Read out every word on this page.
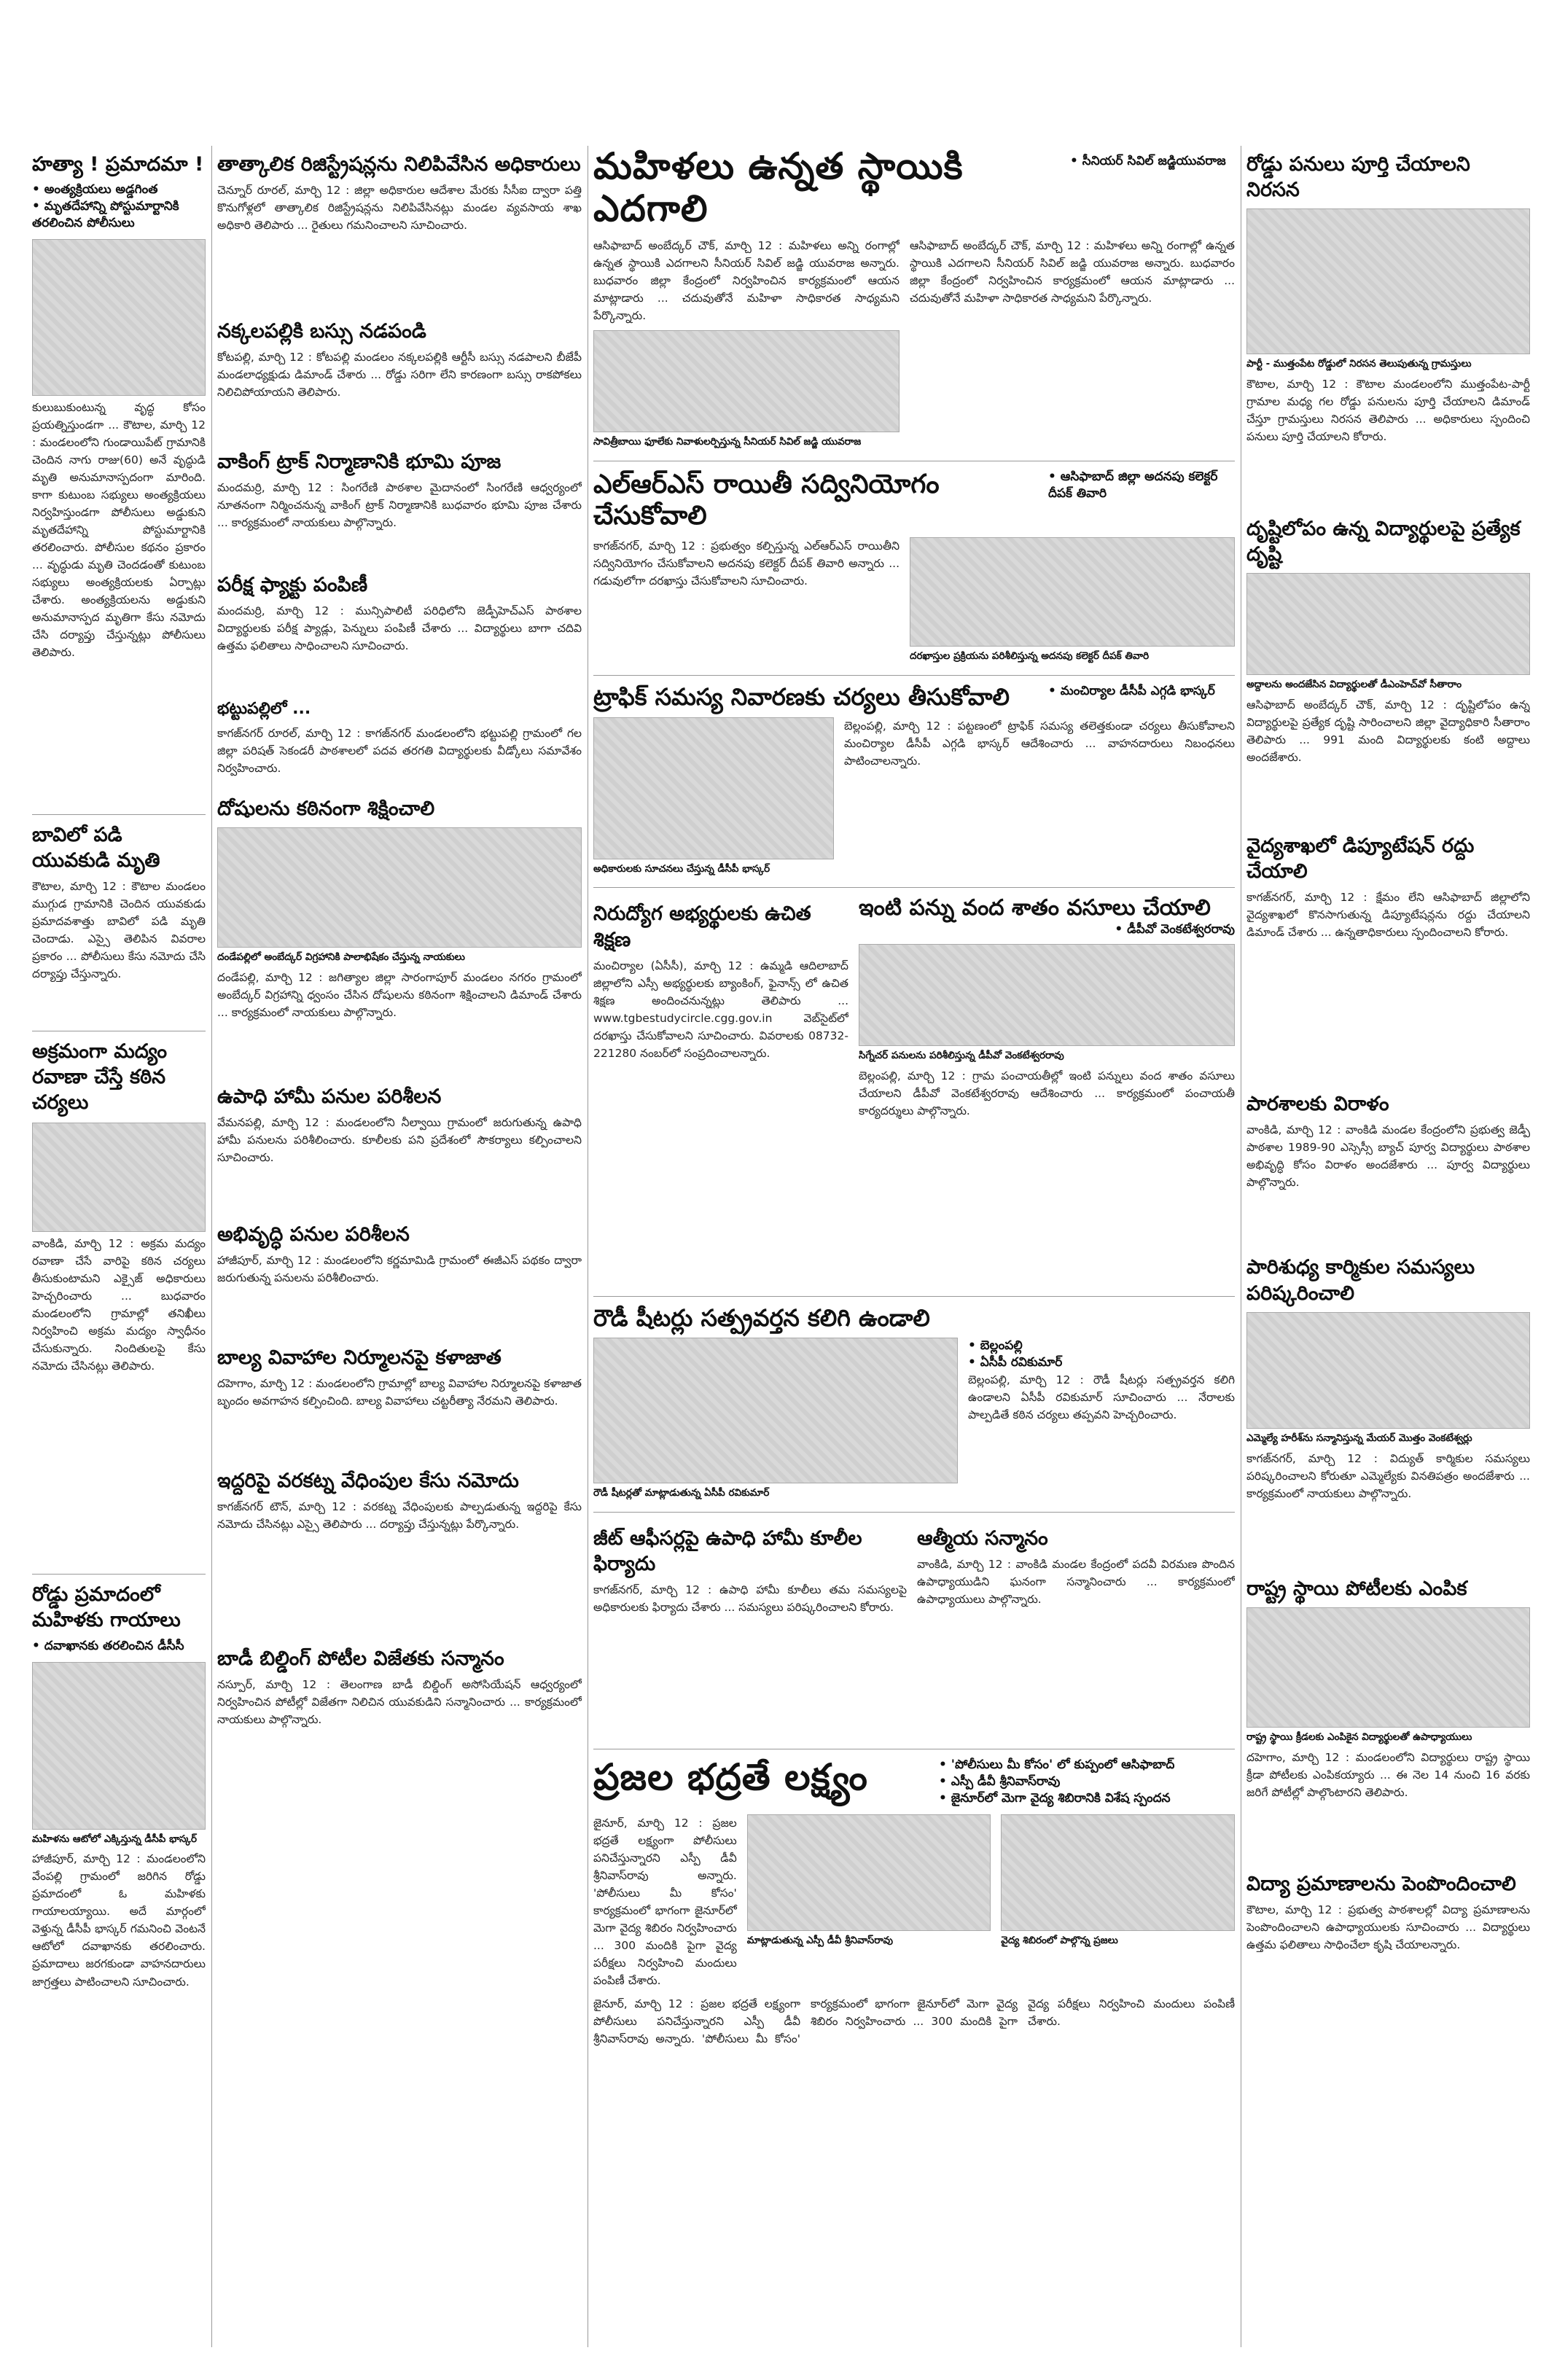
హత్యా ! ప్రమాదమా !
• అంత్యక్రియలు అడ్డగింత
• మృతదేహాన్ని పోస్టుమార్టానికి తరలించిన పోలీసులు
కులుబుకుంటున్న వృద్ధ కోసం ప్రయత్నిస్తుండగా ... కౌటాల, మార్చి 12 : మండలంలోని గుండాయిపేట్ గ్రామానికి చెందిన నాగు రాజు(60) అనే వృద్ధుడి మృతి అనుమానాస్పదంగా మారింది. కాగా కుటుంబ సభ్యులు అంత్యక్రియలు నిర్వహిస్తుండగా పోలీసులు అడ్డుకుని మృతదేహాన్ని పోస్టుమార్టానికి తరలించారు. పోలీసుల కథనం ప్రకారం ... వృద్ధుడు మృతి చెందడంతో కుటుంబ సభ్యులు అంత్యక్రియలకు ఏర్పాట్లు చేశారు. అంత్యక్రియలను అడ్డుకుని అనుమానాస్పద మృతిగా కేసు నమోదు చేసి దర్యాప్తు చేస్తున్నట్లు పోలీసులు తెలిపారు.
బావిలో పడి యువకుడి మృతి
కౌటాల, మార్చి 12 : కౌటాల మండలం ముగ్గుడ గ్రామానికి చెందిన యువకుడు ప్రమాదవశాత్తు బావిలో పడి మృతి చెందాడు. ఎస్సై తెలిపిన వివరాల ప్రకారం ... పోలీసులు కేసు నమోదు చేసి దర్యాప్తు చేస్తున్నారు.
అక్రమంగా మద్యం రవాణా చేస్తే కఠిన చర్యలు
వాంకిడి, మార్చి 12 : అక్రమ మద్యం రవాణా చేసే వారిపై కఠిన చర్యలు తీసుకుంటామని ఎక్సైజ్ అధికారులు హెచ్చరించారు ... బుధవారం మండలంలోని గ్రామాల్లో తనిఖీలు నిర్వహించి అక్రమ మద్యం స్వాధీనం చేసుకున్నారు. నిందితులపై కేసు నమోదు చేసినట్లు తెలిపారు.
రోడ్డు ప్రమాదంలో మహిళకు గాయాలు
• దవాఖానకు తరలించిన డీసీసీ
మహిళను ఆటోలో ఎక్కిస్తున్న డీసీపీ భాస్కర్
హాజీపూర్, మార్చి 12 : మండలంలోని వేంపల్లి గ్రామంలో జరిగిన రోడ్డు ప్రమాదంలో ఓ మహిళకు గాయాలయ్యాయి. అదే మార్గంలో వెళ్తున్న డీసీపీ భాస్కర్ గమనించి వెంటనే ఆటోలో దవాఖానకు తరలించారు. ప్రమాదాలు జరగకుండా వాహనదారులు జాగ్రత్తలు పాటించాలని సూచించారు.
తాత్కాలిక రిజిస్ట్రేషన్లను నిలిపివేసిన అధికారులు
చెన్నూర్ రూరల్, మార్చి 12 : జిల్లా అధికారుల ఆదేశాల మేరకు సీసీఐ ద్వారా పత్తి కొనుగోళ్లలో తాత్కాలిక రిజిస్ట్రేషన్లను నిలిపివేసినట్లు మండల వ్యవసాయ శాఖ అధికారి తెలిపారు ... రైతులు గమనించాలని సూచించారు.
నక్కలపల్లికి బస్సు నడపండి
కోటపల్లి, మార్చి 12 : కోటపల్లి మండలం నక్కలపల్లికి ఆర్టీసీ బస్సు నడపాలని బీజేపీ మండలాధ్యక్షుడు డిమాండ్ చేశారు ... రోడ్డు సరిగా లేని కారణంగా బస్సు రాకపోకలు నిలిచిపోయాయని తెలిపారు.
వాకింగ్ ట్రాక్ నిర్మాణానికి భూమి పూజ
మందమర్రి, మార్చి 12 : సింగరేణి పాఠశాల మైదానంలో సింగరేణి ఆధ్వర్యంలో నూతనంగా నిర్మించనున్న వాకింగ్ ట్రాక్ నిర్మాణానికి బుధవారం భూమి పూజ చేశారు ... కార్యక్రమంలో నాయకులు పాల్గొన్నారు.
పరీక్ష ఫ్యాక్టు పంపిణీ
మందమర్రి, మార్చి 12 : మున్సిపాలిటీ పరిధిలోని జెడ్పీహెచ్ఎస్ పాఠశాల విద్యార్థులకు పరీక్ష ప్యాడ్లు, పెన్నులు పంపిణీ చేశారు ... విద్యార్థులు బాగా చదివి ఉత్తమ ఫలితాలు సాధించాలని సూచించారు.
భట్టుపల్లిలో ...
కాగజ్‌నగర్ రూరల్, మార్చి 12 : కాగజ్‌నగర్ మండలంలోని భట్టుపల్లి గ్రామంలో గల జిల్లా పరిషత్ సెకండరీ పాఠశాలలో పదవ తరగతి విద్యార్థులకు వీడ్కోలు సమావేశం నిర్వహించారు.
దోషులను కఠినంగా శిక్షించాలి
దండేపల్లిలో అంబేద్కర్ విగ్రహానికి పాలాభిషేకం చేస్తున్న నాయకులు
దండేపల్లి, మార్చి 12 : జగిత్యాల జిల్లా సారంగాపూర్ మండలం నగరం గ్రామంలో అంబేద్కర్ విగ్రహాన్ని ధ్వంసం చేసిన దోషులను కఠినంగా శిక్షించాలని డిమాండ్ చేశారు ... కార్యక్రమంలో నాయకులు పాల్గొన్నారు.
ఉపాధి హామీ పనుల పరిశీలన
వేమనపల్లి, మార్చి 12 : మండలంలోని నీల్వాయి గ్రామంలో జరుగుతున్న ఉపాధి హామీ పనులను పరిశీలించారు. కూలీలకు పని ప్రదేశంలో సౌకర్యాలు కల్పించాలని సూచించారు.
అభివృద్ధి పనుల పరిశీలన
హాజీపూర్, మార్చి 12 : మండలంలోని కర్ణమామిడి గ్రామంలో ఈజీఎస్ పథకం ద్వారా జరుగుతున్న పనులను పరిశీలించారు.
బాల్య వివాహాల నిర్మూలనపై కళాజాత
దహెగాం, మార్చి 12 : మండలంలోని గ్రామాల్లో బాల్య వివాహాల నిర్మూలనపై కళాజాత బృందం అవగాహన కల్పించింది. బాల్య వివాహాలు చట్టరీత్యా నేరమని తెలిపారు.
ఇద్దరిపై వరకట్న వేధింపుల కేసు నమోదు
కాగజ్‌నగర్ టౌన్, మార్చి 12 : వరకట్న వేధింపులకు పాల్పడుతున్న ఇద్దరిపై కేసు నమోదు చేసినట్లు ఎస్సై తెలిపారు ... దర్యాప్తు చేస్తున్నట్లు పేర్కొన్నారు.
బాడీ బిల్డింగ్ పోటీల విజేతకు సన్మానం
నస్పూర్, మార్చి 12 : తెలంగాణ బాడీ బిల్డింగ్ అసోసియేషన్ ఆధ్వర్యంలో నిర్వహించిన పోటీల్లో విజేతగా నిలిచిన యువకుడిని సన్మానించారు ... కార్యక్రమంలో నాయకులు పాల్గొన్నారు.
మహిళలు ఉన్నత స్థాయికి ఎదగాలి
• సీనియర్ సివిల్ జడ్జియువరాజ
ఆసిఫాబాద్ అంబేద్కర్ చౌక్, మార్చి 12 : మహిళలు అన్ని రంగాల్లో ఉన్నత స్థాయికి ఎదగాలని సీనియర్ సివిల్ జడ్జి యువరాజ అన్నారు. బుధవారం జిల్లా కేంద్రంలో నిర్వహించిన కార్యక్రమంలో ఆయన మాట్లాడారు ... చదువుతోనే మహిళా సాధికారత సాధ్యమని పేర్కొన్నారు.
సావిత్రీబాయి ఫూలేకు నివాళులర్పిస్తున్న సీనియర్ సివిల్ జడ్జి యువరాజ
ఆసిఫాబాద్ అంబేద్కర్ చౌక్, మార్చి 12 : మహిళలు అన్ని రంగాల్లో ఉన్నత స్థాయికి ఎదగాలని సీనియర్ సివిల్ జడ్జి యువరాజ అన్నారు. బుధవారం జిల్లా కేంద్రంలో నిర్వహించిన కార్యక్రమంలో ఆయన మాట్లాడారు ... చదువుతోనే మహిళా సాధికారత సాధ్యమని పేర్కొన్నారు.
ఎల్‌ఆర్‌ఎస్ రాయితీ సద్వినియోగం చేసుకోవాలి
• ఆసిఫాబాద్ జిల్లా అదనపు కలెక్టర్ దీపక్ తివారి
కాగజ్‌నగర్, మార్చి 12 : ప్రభుత్వం కల్పిస్తున్న ఎల్‌ఆర్‌ఎస్ రాయితీని సద్వినియోగం చేసుకోవాలని అదనపు కలెక్టర్ దీపక్ తివారి అన్నారు ... గడువులోగా దరఖాస్తు చేసుకోవాలని సూచించారు.
దరఖాస్తుల ప్రక్రియను పరిశీలిస్తున్న అదనపు కలెక్టర్ దీపక్ తివారి
ట్రాఫిక్ సమస్య నివారణకు చర్యలు తీసుకోవాలి	• మంచిర్యాల డీసీపీ ఎగ్గడి భాస్కర్
అధికారులకు సూచనలు చేస్తున్న డీసీపీ భాస్కర్
బెల్లంపల్లి, మార్చి 12 : పట్టణంలో ట్రాఫిక్ సమస్య తలెత్తకుండా చర్యలు తీసుకోవాలని మంచిర్యాల డీసీపీ ఎగ్గడి భాస్కర్ ఆదేశించారు ... వాహనదారులు నిబంధనలు పాటించాలన్నారు.
నిరుద్యోగ అభ్యర్థులకు ఉచిత శిక్షణ
మంచిర్యాల (ఏసీసీ), మార్చి 12 : ఉమ్మడి ఆదిలాబాద్ జిల్లాలోని ఎస్సీ అభ్యర్థులకు బ్యాంకింగ్, ఫైనాన్స్ లో ఉచిత శిక్షణ అందించనున్నట్లు తెలిపారు ... www.tgbestudycircle.cgg.gov.in వెబ్‌సైట్‌లో దరఖాస్తు చేసుకోవాలని సూచించారు. వివరాలకు 08732-221280 నంబర్‌లో సంప్రదించాలన్నారు.
ఇంటి పన్ను వంద శాతం వసూలు చేయాలి
• డీపీవో వెంకటేశ్వరరావు
సిగ్నేచర్ పనులను పరిశీలిస్తున్న డీపీవో వెంకటేశ్వరరావు
బెల్లంపల్లి, మార్చి 12 : గ్రామ పంచాయతీల్లో ఇంటి పన్నులు వంద శాతం వసూలు చేయాలని డీపీవో వెంకటేశ్వరరావు ఆదేశించారు ... కార్యక్రమంలో పంచాయతీ కార్యదర్శులు పాల్గొన్నారు.
రౌడీ షీటర్లు సత్ప్రవర్తన కలిగి ఉండాలి
రౌడీ షీటర్లతో మాట్లాడుతున్న ఏసీపీ రవికుమార్
• బెల్లంపల్లి
• ఏసీపీ రవికుమార్
బెల్లంపల్లి, మార్చి 12 : రౌడీ షీటర్లు సత్ప్రవర్తన కలిగి ఉండాలని ఏసీపీ రవికుమార్ సూచించారు ... నేరాలకు పాల్పడితే కఠిన చర్యలు తప్పవని హెచ్చరించారు.
జీట్ ఆఫీసర్లపై ఉపాధి హామీ కూలీల ఫిర్యాదు
కాగజ్‌నగర్, మార్చి 12 : ఉపాధి హామీ కూలీలు తమ సమస్యలపై అధికారులకు ఫిర్యాదు చేశారు ... సమస్యలు పరిష్కరించాలని కోరారు.
ఆత్మీయ సన్మానం
వాంకిడి, మార్చి 12 : వాంకిడి మండల కేంద్రంలో పదవీ విరమణ పొందిన ఉపాధ్యాయుడిని ఘనంగా సన్మానించారు ... కార్యక్రమంలో ఉపాధ్యాయులు పాల్గొన్నారు.
ప్రజల భద్రతే లక్ష్యం	• 'పోలీసులు మీ కోసం' లో కుప్పంలో ఆసిఫాబాద్
• ఎస్పీ డీవీ శ్రీనివాస్‌రావు
• జైనూర్‌లో మెగా వైద్య శిబిరానికి విశేష స్పందన
జైనూర్, మార్చి 12 : ప్రజల భద్రతే లక్ష్యంగా పోలీసులు పనిచేస్తున్నారని ఎస్పీ డీవీ శ్రీనివాస్‌రావు అన్నారు. 'పోలీసులు మీ కోసం' కార్యక్రమంలో భాగంగా జైనూర్‌లో మెగా వైద్య శిబిరం నిర్వహించారు ... 300 మందికి పైగా వైద్య పరీక్షలు నిర్వహించి మందులు పంపిణీ చేశారు.
మాట్లాడుతున్న ఎస్పీ డీవీ శ్రీనివాస్‌రావు	వైద్య శిబిరంలో పాల్గొన్న ప్రజలు
జైనూర్, మార్చి 12 : ప్రజల భద్రతే లక్ష్యంగా పోలీసులు పనిచేస్తున్నారని ఎస్పీ డీవీ శ్రీనివాస్‌రావు అన్నారు. 'పోలీసులు మీ కోసం' కార్యక్రమంలో భాగంగా జైనూర్‌లో మెగా వైద్య శిబిరం నిర్వహించారు ... 300 మందికి పైగా వైద్య పరీక్షలు నిర్వహించి మందులు పంపిణీ చేశారు.
రోడ్డు పనులు పూర్తి చేయాలని నిరసన
పార్టీ - ముత్తంపేట రోడ్డులో నిరసన తెలుపుతున్న గ్రామస్తులు
కౌటాల, మార్చి 12 : కౌటాల మండలంలోని ముత్తంపేట-పార్టీ గ్రామాల మధ్య గల రోడ్డు పనులను పూర్తి చేయాలని డిమాండ్ చేస్తూ గ్రామస్తులు నిరసన తెలిపారు ... అధికారులు స్పందించి పనులు పూర్తి చేయాలని కోరారు.
దృష్టిలోపం ఉన్న విద్యార్థులపై ప్రత్యేక దృష్టి
అద్దాలను అందజేసిన విద్యార్థులతో డీఎంహెచ్‌వో సీతారాం
ఆసిఫాబాద్ అంబేద్కర్ చౌక్, మార్చి 12 : దృష్టిలోపం ఉన్న విద్యార్థులపై ప్రత్యేక దృష్టి సారించాలని జిల్లా వైద్యాధికారి సీతారాం తెలిపారు ... 991 మంది విద్యార్థులకు కంటి అద్దాలు అందజేశారు.
వైద్యశాఖలో డిప్యూటేషన్ రద్దు చేయాలి
కాగజ్‌నగర్, మార్చి 12 : క్షేమం లేని ఆసిఫాబాద్ జిల్లాలోని వైద్యశాఖలో కొనసాగుతున్న డిప్యూటేషన్లను రద్దు చేయాలని డిమాండ్ చేశారు ... ఉన్నతాధికారులు స్పందించాలని కోరారు.
పారశాలకు విరాళం
వాంకిడి, మార్చి 12 : వాంకిడి మండల కేంద్రంలోని ప్రభుత్వ జెడ్పీ పాఠశాల 1989-90 ఎస్సెస్సీ బ్యాచ్ పూర్వ విద్యార్థులు పాఠశాల అభివృద్ధి కోసం విరాళం అందజేశారు ... పూర్వ విద్యార్థులు పాల్గొన్నారు.
పారిశుధ్య కార్మికుల సమస్యలు పరిష్కరించాలి
ఎమ్మెల్యే హరీశ్‌ను సన్మానిస్తున్న మేయర్ మొత్తం వెంకటేశ్వర్లు
కాగజ్‌నగర్, మార్చి 12 : విద్యుత్ కార్మికుల సమస్యలు పరిష్కరించాలని కోరుతూ ఎమ్మెల్యేకు వినతిపత్రం అందజేశారు ... కార్యక్రమంలో నాయకులు పాల్గొన్నారు.
రాష్ట్ర స్థాయి పోటీలకు ఎంపిక
రాష్ట్ర స్థాయి క్రీడలకు ఎంపికైన విద్యార్థులతో ఉపాధ్యాయులు
దహెగాం, మార్చి 12 : మండలంలోని విద్యార్థులు రాష్ట్ర స్థాయి క్రీడా పోటీలకు ఎంపికయ్యారు ... ఈ నెల 14 నుంచి 16 వరకు జరిగే పోటీల్లో పాల్గొంటారని తెలిపారు.
విద్యా ప్రమాణాలను పెంపొందించాలి
కౌటాల, మార్చి 12 : ప్రభుత్వ పాఠశాలల్లో విద్యా ప్రమాణాలను పెంపొందించాలని ఉపాధ్యాయులకు సూచించారు ... విద్యార్థులు ఉత్తమ ఫలితాలు సాధించేలా కృషి చేయాలన్నారు.
